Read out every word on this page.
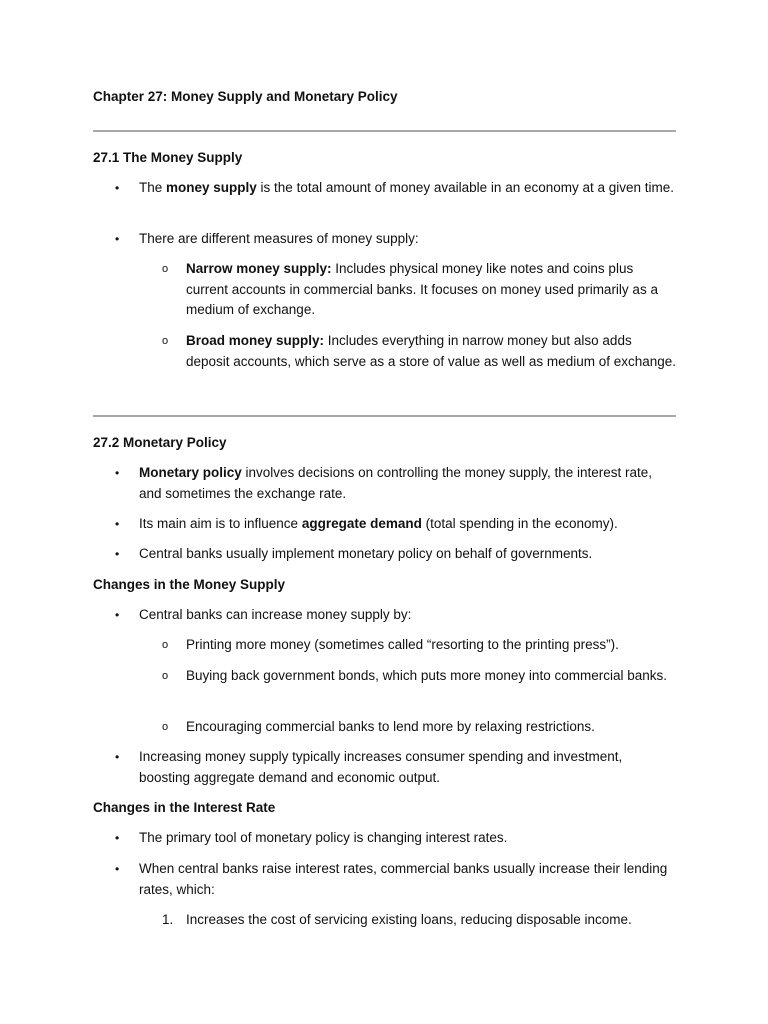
Chapter 27: Money Supply and Monetary Policy
27.1 The Money Supply
• The money supply is the total amount of money available in an economy at a given time.
• There are different measures of money supply:
o Narrow money supply: Includes physical money like notes and coins plus current accounts in commercial banks. It focuses on money used primarily as a medium of exchange.
o Broad money supply: Includes everything in narrow money but also adds deposit accounts, which serve as a store of value as well as medium of exchange.
27.2 Monetary Policy
• Monetary policy involves decisions on controlling the money supply, the interest rate, and sometimes the exchange rate.
• Its main aim is to influence aggregate demand (total spending in the economy).
• Central banks usually implement monetary policy on behalf of governments.
Changes in the Money Supply
• Central banks can increase money supply by:
o Printing more money (sometimes called “resorting to the printing press”).
o Buying back government bonds, which puts more money into commercial banks.
o Encouraging commercial banks to lend more by relaxing restrictions.
• Increasing money supply typically increases consumer spending and investment, boosting aggregate demand and economic output.
Changes in the Interest Rate
• The primary tool of monetary policy is changing interest rates.
• When central banks raise interest rates, commercial banks usually increase their lending rates, which:
1. Increases the cost of servicing existing loans, reducing disposable income.
